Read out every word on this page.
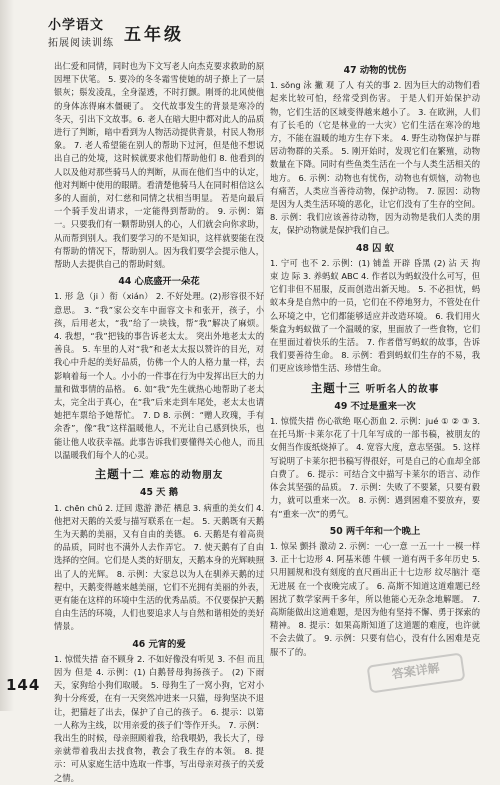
小学语文
拓展阅读训练 五年级

出仁爱和同情，同时也为下文写老人向杰克要求救助的原因埋下伏笔。 5. 要冷的冬冬霜雪使她的胡子撩上了一层银灰；鬃发凌乱，全身湿透，不时打颤。刚哥的北风使他的身体冻得麻木僵硬了。 交代故事发生的背景是寒冷的冬天，引出下文故事。6. 老人在暗大胆中都对此人的品质进行了判断，暗中看到为人物活动提供背景，村民人物形象。 7. 老人希望能在别人的帮助下过河，但是他不想说出自己的处境，这时候就要求他们帮助他们 8. 他看到的人以及他对那些骑马人的判断，从而在他们当中的认定，他对判断中使用的眼睛。看清楚他骑马人在同时相信这么多的人面前，对仁慈和同情之状相当明显。 若是向最后一个骑手发出请求，一定能得到帮助的。 9. 示例：第一。只要我们有一颗帮助别人的心，人们就会向你求助，从而帮到别人。我们要学习的不是知识，这样就要能在没有帮助的情况下，帮助别人。因为我们要学会提示他人，帮助人去提供自己的帮助时刻。

44 心底盛开一朵花

1. 形 急（ji ）衔（xián） 2. 不好处理。(2)形容很不好意思。 3. “我”家公交车中面容文卡和张开，孩子，小孩，后用老太，“我”给了一块钱，帮“我”解决了麻烦。 4. 我想，“我”把钱的事告诉老太太。 突出外地老太太的善良。 5. 车里的人对“我”和老太太报以赞许的目光，对我心中升起的美好品质，仿佛一个人的人格力量一样，去影响着每一个人。小小的一件事在行为中发挥出巨大的力量和做事情的品格。 6. 如“我”先生就热心地帮助了老太太，完全出于真心，在“我”后来走到车尾处，老太太也请她把车票给予她帮忙。 7. D 8. 示例：“赠人玫瑰，手有余香”，像“我”这样温暖他人，不光让自己感到快乐，也能让他人收获幸福。此事告诉我们要懂得关心他人，而且以温暖我们每个人的心灵。

主题十二 难忘的动物朋友
45 天 鹅

1. chēn chǔ 2. 迂回 遨游 渺茫 栖息 3. 病重的美女们 4. 他把对天鹅的关爱与描写联系在一起。 5. 天鹅既有天鹅生为天鹅的美丽，又有自由的美德。 6. 天鹅是有着高贵的品质，同时也不满外人去作弄它。 7. 使天鹅有了自由选择的空间。它们是人类的好朋友，天鹅本身的光辉映照出了人的光辉。 8. 示例：大家总以为人在驯养天鹅的过程中，天鹅变得越来越美丽，它们不光拥有美丽的外表，更有能在这样的环境中生活的优秀品质。不仅要保护天鹅自由生活的环境，人们也要追求人与自然和谐相处的美好情景。

46 元宵的爱

1. 惊慌失措 奋不顾身 2. 不如好像没有听见 3. 不但 而且 因为 但是 4. 示例：(1) 白鹅替母狗扬孩子。 (2) 下雨天，家狗给小狗们取暖。 5. 母狗生了一窝小狗，它对小狗十分疼爱，在有一天突然冲进来一只猫，母狗坚决不退让，把猫赶了出去，保护了自己的孩子。 6. 提示：以第一人称为主线，以'用亲爱的孩子们'等作开头。 7. 示例：我出生的时候，母亲照顾着我，给我喂奶，我长大了，母亲就带着我出去找食物，教会了我生存的本领。 8. 提示：可从家庭生活中选取一件事，写出母亲对孩子的关爱之情。

47 动物的忧伤

1. sǒng 泳 撇 观 了人 有关的事 2. 因为巨大的动物们看起来比较可怕，经常受到伤害。 于是人们开始保护动物，它们生活的区域变得越来越小了。 3. 在欧洲，人们有了长毛的（它是林业的一大灾）它们生活在寒冷的地方，不能在温暖的地方生存下来。 4. 野生动物保护与群居动物群的关系。 5. 刚开始时，发现它们在繁殖，动物数量在下降。同时有些鱼类生活在一个与人类生活相关的地方。 6. 示例：动物也有忧伤，动物也有烦恼，动物也有痛苦，人类应当善待动物，保护动物。 7. 原因：动物是因为人类生活环境的恶化，让它们没有了生存的空间。 8. 示例：我们应该善待动物，因为动物是我们人类的朋友，保护动物就是保护我们自己。

48 囚 蚁

1. 宁可 也不 2. 示例：(1) 铺盖 开辟 昏黑 (2) 沾 天 拘 束 边 际 3. 养蚂蚁 ABC 4. 作者以为蚂蚁没什么可写，但它们非但不屈服，反而创造出新天地。 5. 不必担忧，蚂蚁本身是自然中的一员，它们在不停地努力，不管处在什么环境之中，它们都能够适应并改造环境。 6. 我们用火柴盒为蚂蚁做了一个温暖的家，里面放了一些食物，它们在里面过着快乐的生活。 7. 作者借写蚂蚁的故事，告诉我们要善待生命。 8. 示例：看到蚂蚁们生存的不易，我们更应该珍惜生活、珍惜生命。

主题十三 听听名人的故事
49 不过是重来一次

1. 惊慌失措 伤心欲绝 呕心沥血 2. 示例：jué ① ② ③ 3. 在托马斯·卡莱尔花了十几年写成的一部书稿，被朋友的女佣当作废纸烧掉了。 4. 宽容大度，意志坚强。 5. 这样写说明了卡莱尔把书稿写得很好，可是自己的心血却全部白费了。 6. 提示：可结合文中描写卡莱尔的语言、动作体会其坚强的品质。 7. 示例：失败了不要紧，只要有毅力，就可以重来一次。 8. 示例：遇到困难不要放弃，要有“重来一次”的勇气。

50 两千年和一个晚上

1. 惊呆 颤抖 激动 2. 示例：一心一意 一五一十 一模一样 3. 正十七边形 4. 阿基米德 牛顿 一道有两千多年历史 5. 只用圆规和没有刻度的直尺画出正十七边形 纹尽脑汁 毫无进展 在一个夜晚完成了。 6. 高斯不知道这道难题已经困扰了数学家两千多年，所以他能心无杂念地解题。 7. 高斯能做出这道难题，是因为他有坚持不懈、勇于探索的精神。 8. 提示：如果高斯知道了这道题的难度，也许就不会去做了。 9. 示例：只要有信心，没有什么困难是克服不了的。

144
答案详解
